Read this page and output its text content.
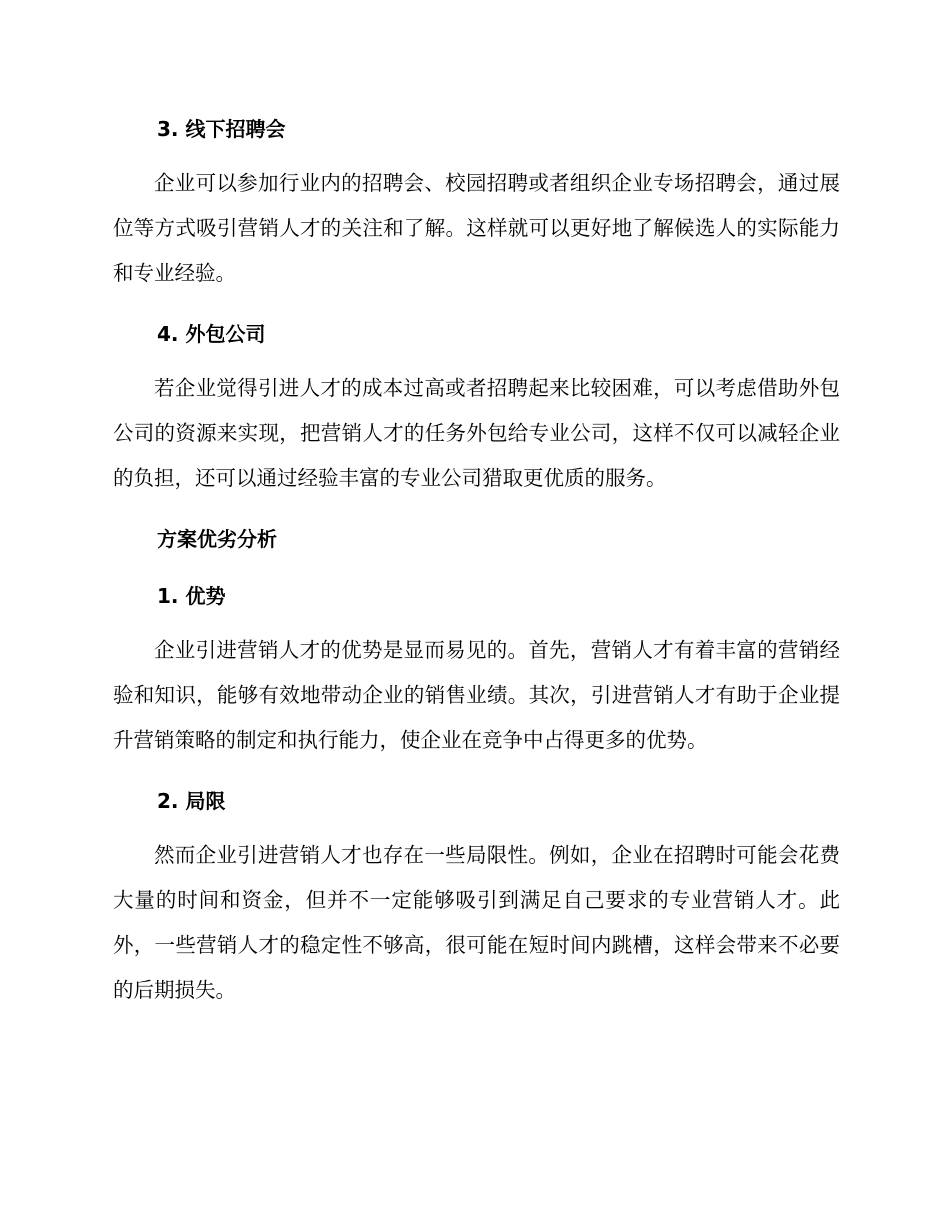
3. 线下招聘会

企业可以参加行业内的招聘会、校园招聘或者组织企业专场招聘会，通过展位等方式吸引营销人才的关注和了解。这样就可以更好地了解候选人的实际能力和专业经验。

4. 外包公司

若企业觉得引进人才的成本过高或者招聘起来比较困难，可以考虑借助外包公司的资源来实现，把营销人才的任务外包给专业公司，这样不仅可以减轻企业的负担，还可以通过经验丰富的专业公司猎取更优质的服务。

方案优劣分析
1. 优势

企业引进营销人才的优势是显而易见的。首先，营销人才有着丰富的营销经验和知识，能够有效地带动企业的销售业绩。其次，引进营销人才有助于企业提升营销策略的制定和执行能力，使企业在竞争中占得更多的优势。

2. 局限

然而企业引进营销人才也存在一些局限性。例如，企业在招聘时可能会花费大量的时间和资金，但并不一定能够吸引到满足自己要求的专业营销人才。此外，一些营销人才的稳定性不够高，很可能在短时间内跳槽，这样会带来不必要的后期损失。
